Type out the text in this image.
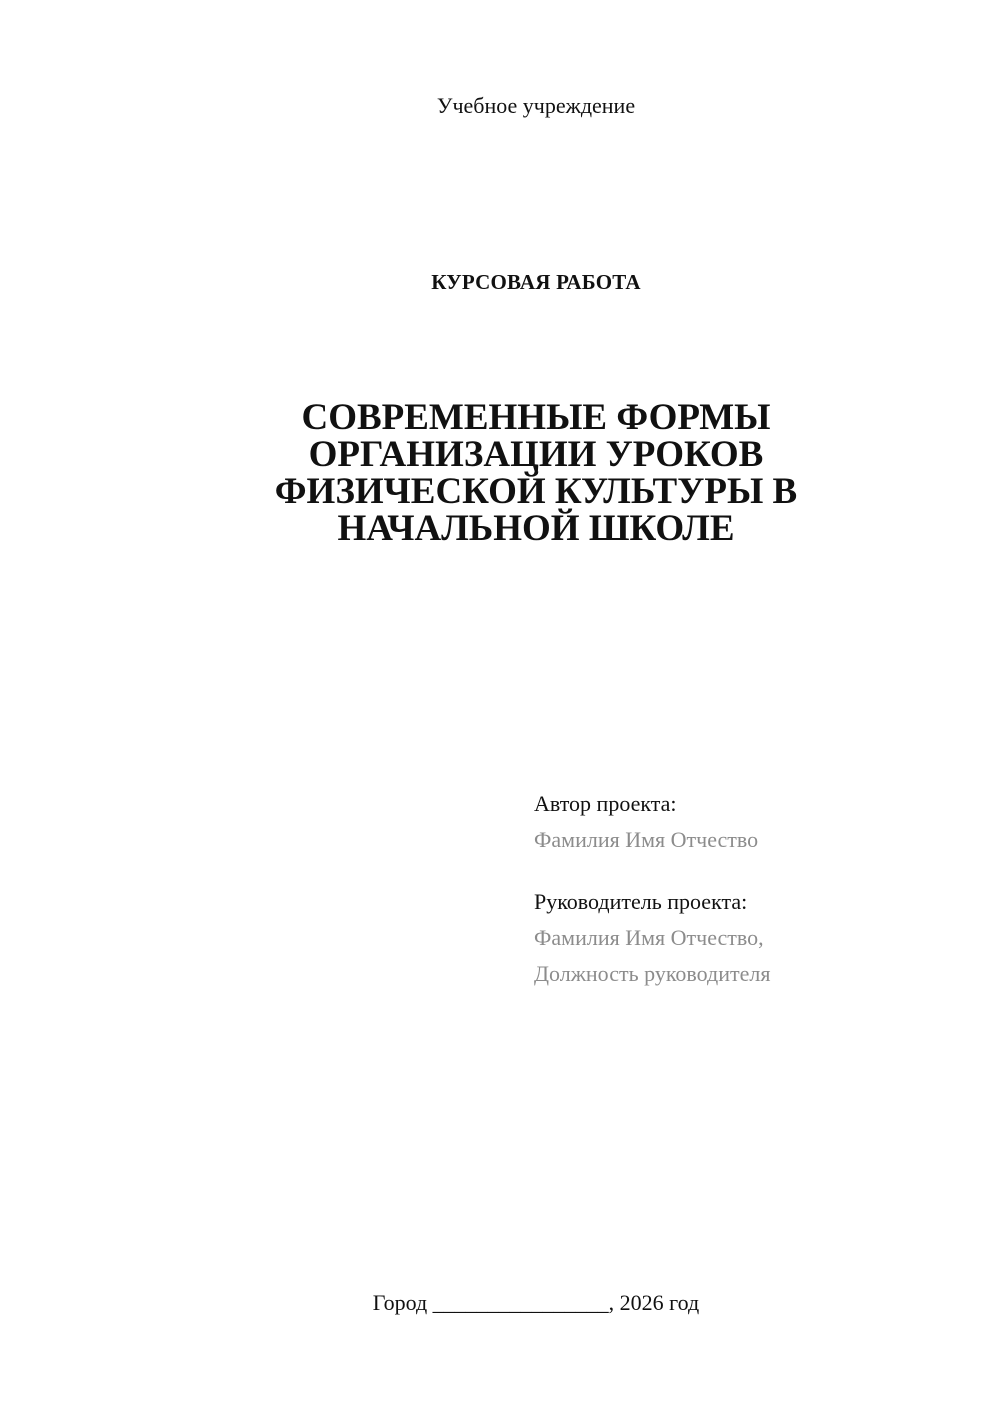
Учебное учреждение
КУРСОВАЯ РАБОТА
СОВРЕМЕННЫЕ ФОРМЫ
ОРГАНИЗАЦИИ УРОКОВ
ФИЗИЧЕСКОЙ КУЛЬТУРЫ В
НАЧАЛЬНОЙ ШКОЛЕ
Автор проекта:
Фамилия Имя Отчество
Руководитель проекта:
Фамилия Имя Отчество,
Должность руководителя
Город ________________, 2026 год
